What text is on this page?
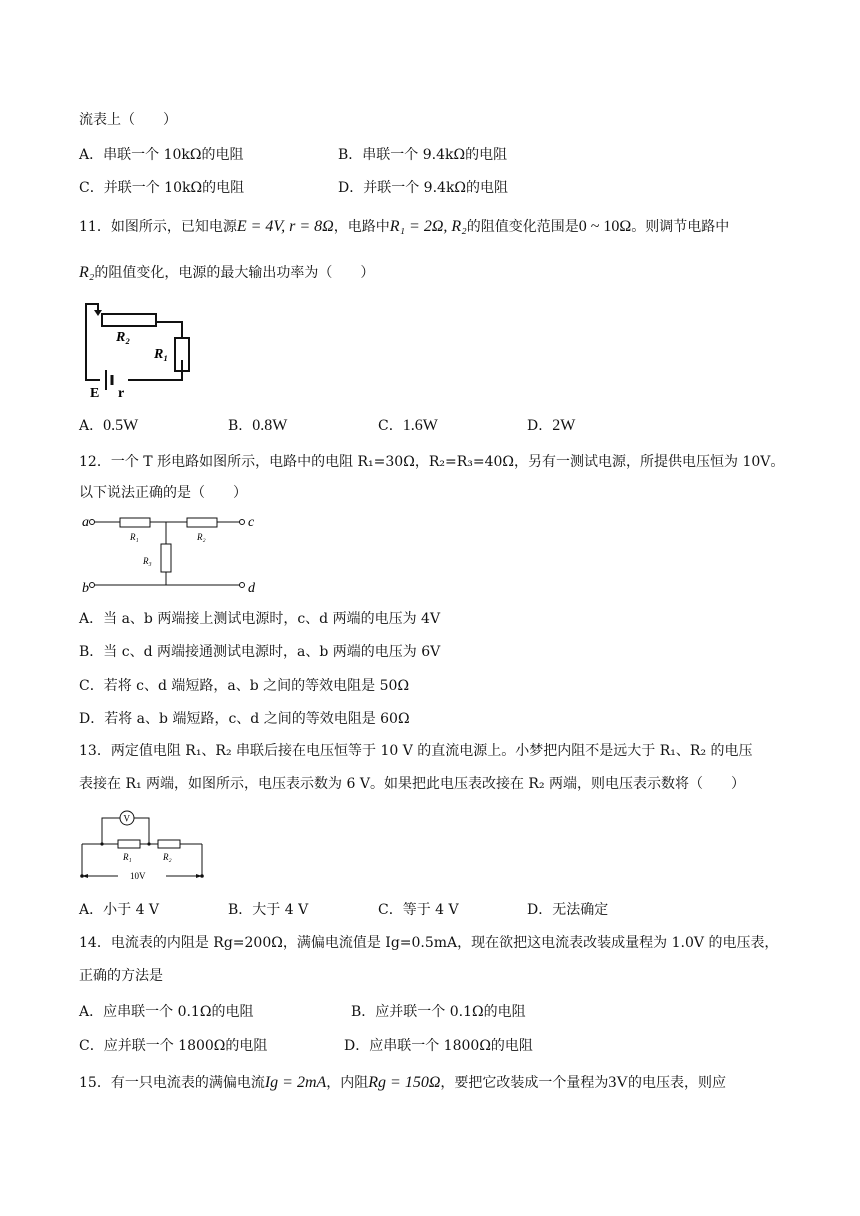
流表上（　　）
A．串联一个 10kΩ的电阻	B．串联一个 9.4kΩ的电阻
C．并联一个 10kΩ的电阻	D．并联一个 9.4kΩ的电阻
11．如图所示，已知电源E = 4V, r = 8Ω，电路中R₁ = 2Ω, R₂的阻值变化范围是0 ~ 10Ω。则调节电路中
R₂的阻值变化，电源的最大输出功率为（　　）
R₂
R₁
E r
A．0.5W	B．0.8W	C．1.6W	D．2W
12．一个 T 形电路如图所示，电路中的电阻 R₁=30Ω，R₂=R₃=40Ω，另有一测试电源，所提供电压恒为 10V。
以下说法正确的是（　　）
a	c
b	d
R₁	R₂
R₃
A．当 a、b 两端接上测试电源时，c、d 两端的电压为 4V
B．当 c、d 两端接通测试电源时，a、b 两端的电压为 6V
C．若将 c、d 端短路，a、b 之间的等效电阻是 50Ω
D．若将 a、b 端短路，c、d 之间的等效电阻是 60Ω
13．两定值电阻 R₁、R₂ 串联后接在电压恒等于 10 V 的直流电源上。小梦把内阻不是远大于 R₁、R₂ 的电压
表接在 R₁ 两端，如图所示，电压表示数为 6 V。如果把此电压表改接在 R₂ 两端，则电压表示数将（　　）
V
R₁	R₂
10V
A．小于 4 V	B．大于 4 V	C．等于 4 V	D．无法确定
14．电流表的内阻是 Rg=200Ω，满偏电流值是 Ig=0.5mA，现在欲把这电流表改装成量程为 1.0V 的电压表，
正确的方法是
A．应串联一个 0.1Ω的电阻	B．应并联一个 0.1Ω的电阻
C．应并联一个 1800Ω的电阻	D．应串联一个 1800Ω的电阻
15．有一只电流表的满偏电流Ig = 2mA，内阻Rg = 150Ω，要把它改装成一个量程为3V的电压表，则应
